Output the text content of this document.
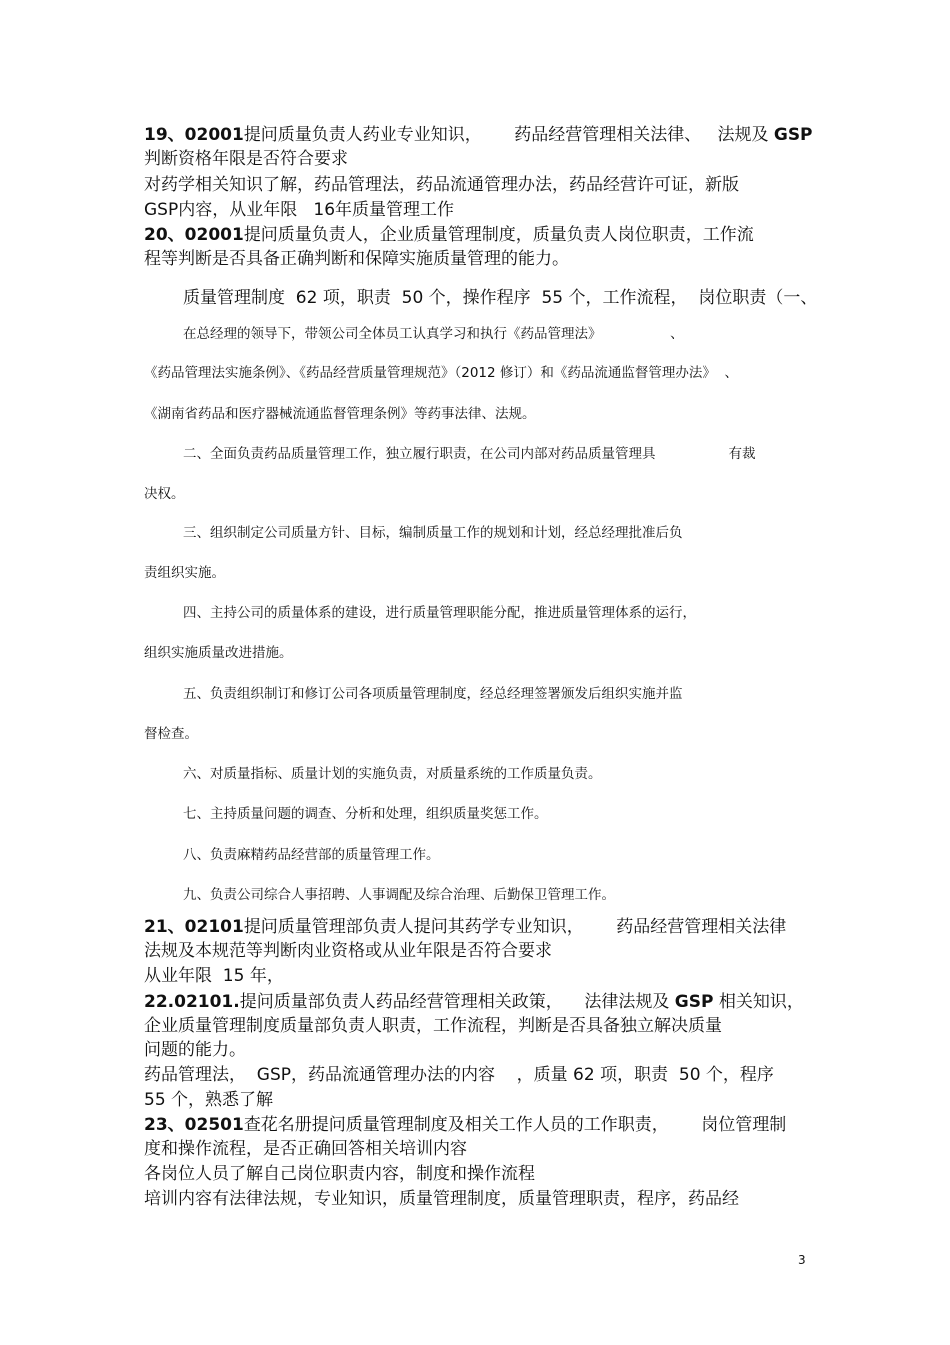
19、02001提问质量负责人药业专业知识，      药品经营管理相关法律、   法规及 GSP

判断资格年限是否符合要求

对药学相关知识了解，药品管理法，药品流通管理办法，药品经营许可证，新版

GSP内容，从业年限   16年质量管理工作

20、02001提问质量负责人，企业质量管理制度，质量负责人岗位职责，工作流

程等判断是否具备正确判断和保障实施质量管理的能力。

质量管理制度  62 项，职责  50 个，操作程序  55 个，工作流程，  岗位职责（一、

在总经理的领导下，带领公司全体员工认真学习和执行《药品管理法》                、

《药品管理法实施条例》、《药品经营质量管理规范》（2012 修订）和《药品流通监督管理办法》  、

《湖南省药品和医疗器械流通监督管理条例》等药事法律、法规。

二、全面负责药品质量管理工作，独立履行职责，在公司内部对药品质量管理具                 有裁

决权。

三、组织制定公司质量方针、目标，编制质量工作的规划和计划，经总经理批准后负

责组织实施。

四、主持公司的质量体系的建设，进行质量管理职能分配，推进质量管理体系的运行，

组织实施质量改进措施。

五、负责组织制订和修订公司各项质量管理制度，经总经理签署颁发后组织实施并监

督检查。

六、对质量指标、质量计划的实施负责，对质量系统的工作质量负责。

七、主持质量问题的调查、分析和处理，组织质量奖惩工作。

八、负责麻精药品经营部的质量管理工作。

九、负责公司综合人事招聘、人事调配及综合治理、后勤保卫管理工作。

21、02101提问质量管理部负责人提问其药学专业知识，      药品经营管理相关法律

法规及本规范等判断肉业资格或从业年限是否符合要求

从业年限  15 年，

22.02101.提问质量部负责人药品经营管理相关政策，    法律法规及 GSP 相关知识，

企业质量管理制度质量部负责人职责，工作流程，判断是否具备独立解决质量

问题的能力。

药品管理法，  GSP，药品流通管理办法的内容    ，质量 62 项，职责  50 个，程序

55 个，熟悉了解

23、02501查花名册提问质量管理制度及相关工作人员的工作职责，      岗位管理制

度和操作流程，是否正确回答相关培训内容

各岗位人员了解自己岗位职责内容，制度和操作流程

培训内容有法律法规，专业知识，质量管理制度，质量管理职责，程序，药品经

3
